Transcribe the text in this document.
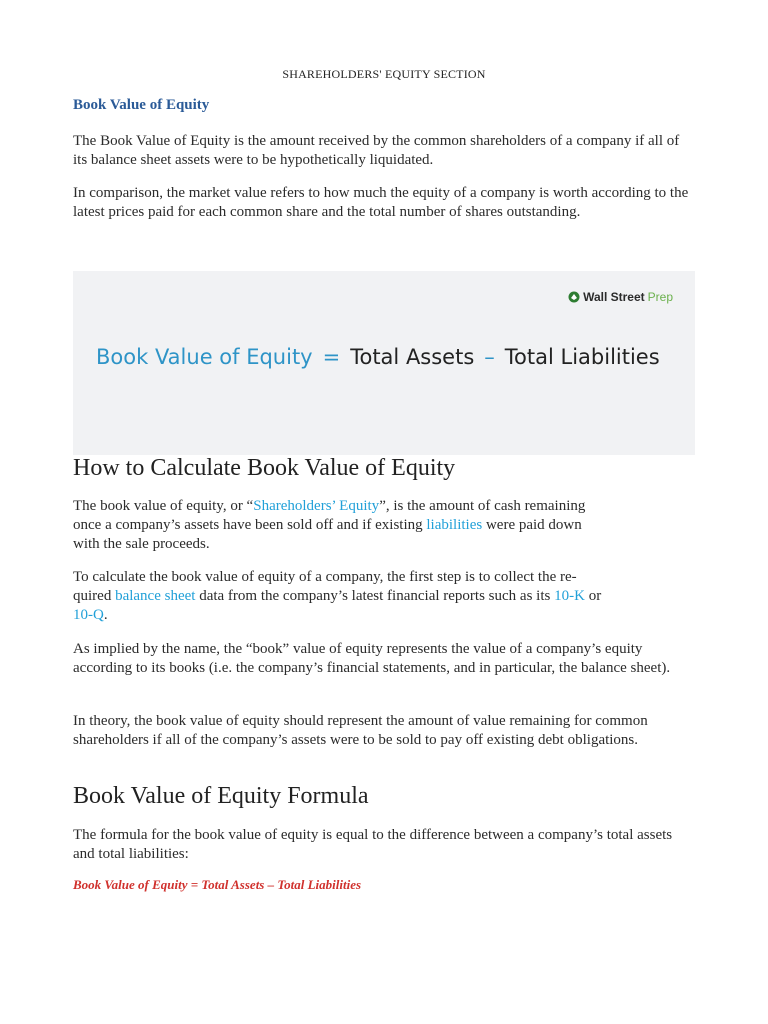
SHAREHOLDERS' EQUITY SECTION
Book Value of Equity
The Book Value of Equity is the amount received by the common shareholders of a company if all of its balance sheet assets were to be hypothetically liquidated.
In comparison, the market value refers to how much the equity of a company is worth according to the latest prices paid for each common share and the total number of shares outstanding.
Wall Street Prep
Book Value of Equity = Total Assets – Total Liabilities
How to Calculate Book Value of Equity
The book value of equity, or “Shareholders’ Equity”, is the amount of cash remaining
once a company’s assets have been sold off and if existing liabilities were paid down
with the sale proceeds.
To calculate the book value of equity of a company, the first step is to collect the re-
quired balance sheet data from the company’s latest financial reports such as its 10-K or
10-Q.
As implied by the name, the “book” value of equity represents the value of a company’s equity according to its books (i.e. the company’s financial statements, and in particular, the balance sheet).
In theory, the book value of equity should represent the amount of value remaining for common shareholders if all of the company’s assets were to be sold to pay off existing debt obligations.
Book Value of Equity Formula
The formula for the book value of equity is equal to the difference between a company’s total assets and total liabilities:
Book Value of Equity = Total Assets – Total Liabilities
